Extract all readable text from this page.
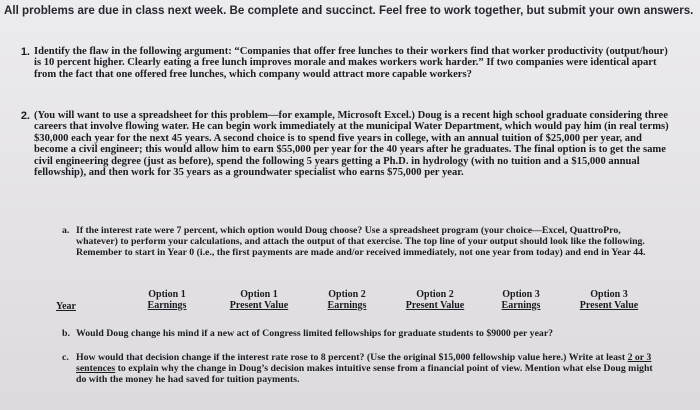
All problems are due in class next week. Be complete and succinct. Feel free to work together, but submit your own answers.
1. Identify the flaw in the following argument: “Companies that offer free lunches to their workers find that worker productivity (output/hour) is 10 percent higher. Clearly eating a free lunch improves morale and makes workers work harder.” If two companies were identical apart from the fact that one offered free lunches, which company would attract more capable workers?
2. (You will want to use a spreadsheet for this problem—for example, Microsoft Excel.) Doug is a recent high school graduate considering three careers that involve flowing water. He can begin work immediately at the municipal Water Department, which would pay him (in real terms) $30,000 each year for the next 45 years. A second choice is to spend five years in college, with an annual tuition of $25,000 per year, and become a civil engineer; this would allow him to earn $55,000 per year for the 40 years after he graduates. The final option is to get the same civil engineering degree (just as before), spend the following 5 years getting a Ph.D. in hydrology (with no tuition and a $15,000 annual fellowship), and then work for 35 years as a groundwater specialist who earns $75,000 per year.
a. If the interest rate were 7 percent, which option would Doug choose? Use a spreadsheet program (your choice—Excel, QuattroPro, whatever) to perform your calculations, and attach the output of that exercise. The top line of your output should look like the following. Remember to start in Year 0 (i.e., the first payments are made and/or received immediately, not one year from today) and end in Year 44.
Year
Option 1
Earnings
Option 1
Present Value
Option 2
Earnings
Option 2
Present Value
Option 3
Earnings
Option 3
Present Value
b. Would Doug change his mind if a new act of Congress limited fellowships for graduate students to $9000 per year?
c. How would that decision change if the interest rate rose to 8 percent? (Use the original $15,000 fellowship value here.) Write at least 2 or 3 sentences to explain why the change in Doug’s decision makes intuitive sense from a financial point of view. Mention what else Doug might do with the money he had saved for tuition payments.
